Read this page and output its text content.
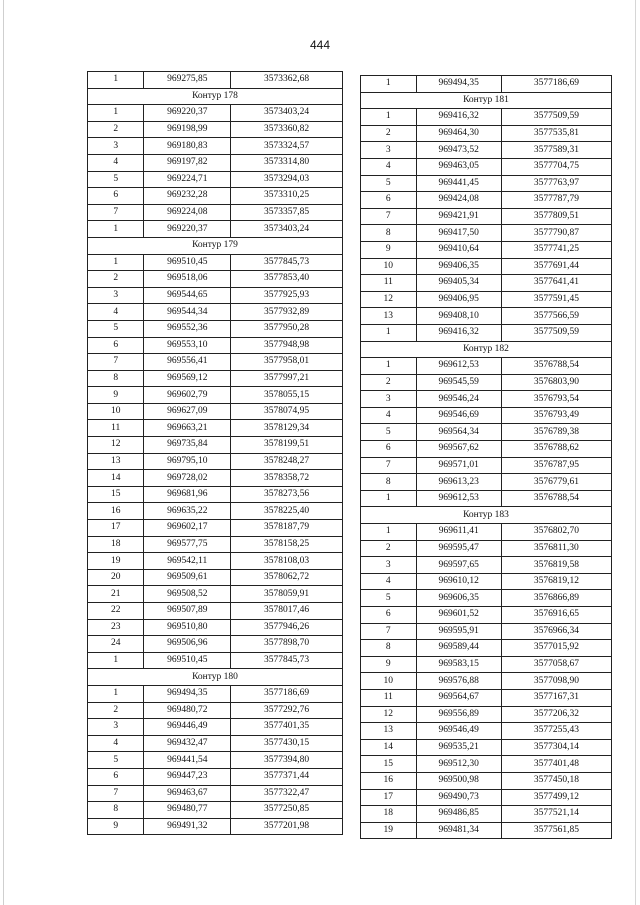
444
1	969275,85	3573362,68
Контур 178		
1	969220,37	3573403,24
2	969198,99	3573360,82
3	969180,83	3573324,57
4	969197,82	3573314,80
5	969224,71	3573294,03
6	969232,28	3573310,25
7	969224,08	3573357,85
1	969220,37	3573403,24
Контур 179		
1	969510,45	3577845,73
2	969518,06	3577853,40
3	969544,65	3577925,93
4	969544,34	3577932,89
5	969552,36	3577950,28
6	969553,10	3577948,98
7	969556,41	3577958,01
8	969569,12	3577997,21
9	969602,79	3578055,15
10	969627,09	3578074,95
11	969663,21	3578129,34
12	969735,84	3578199,51
13	969795,10	3578248,27
14	969728,02	3578358,72
15	969681,96	3578273,56
16	969635,22	3578225,40
17	969602,17	3578187,79
18	969577,75	3578158,25
19	969542,11	3578108,03
20	969509,61	3578062,72
21	969508,52	3578059,91
22	969507,89	3578017,46
23	969510,80	3577946,26
24	969506,96	3577898,70
1	969510,45	3577845,73
Контур 180		
1	969494,35	3577186,69
2	969480,72	3577292,76
3	969446,49	3577401,35
4	969432,47	3577430,15
5	969441,54	3577394,80
6	969447,23	3577371,44
7	969463,67	3577322,47
8	969480,77	3577250,85
9	969491,32	3577201,98
1	969494,35	3577186,69
Контур 181		
1	969416,32	3577509,59
2	969464,30	3577535,81
3	969473,52	3577589,31
4	969463,05	3577704,75
5	969441,45	3577763,97
6	969424,08	3577787,79
7	969421,91	3577809,51
8	969417,50	3577790,87
9	969410,64	3577741,25
10	969406,35	3577691,44
11	969405,34	3577641,41
12	969406,95	3577591,45
13	969408,10	3577566,59
1	969416,32	3577509,59
Контур 182		
1	969612,53	3576788,54
2	969545,59	3576803,90
3	969546,24	3576793,54
4	969546,69	3576793,49
5	969564,34	3576789,38
6	969567,62	3576788,62
7	969571,01	3576787,95
8	969613,23	3576779,61
1	969612,53	3576788,54
Контур 183		
1	969611,41	3576802,70
2	969595,47	3576811,30
3	969597,65	3576819,58
4	969610,12	3576819,12
5	969606,35	3576866,89
6	969601,52	3576916,65
7	969595,91	3576966,34
8	969589,44	3577015,92
9	969583,15	3577058,67
10	969576,88	3577098,90
11	969564,67	3577167,31
12	969556,89	3577206,32
13	969546,49	3577255,43
14	969535,21	3577304,14
15	969512,30	3577401,48
16	969500,98	3577450,18
17	969490,73	3577499,12
18	969486,85	3577521,14
19	969481,34	3577561,85
